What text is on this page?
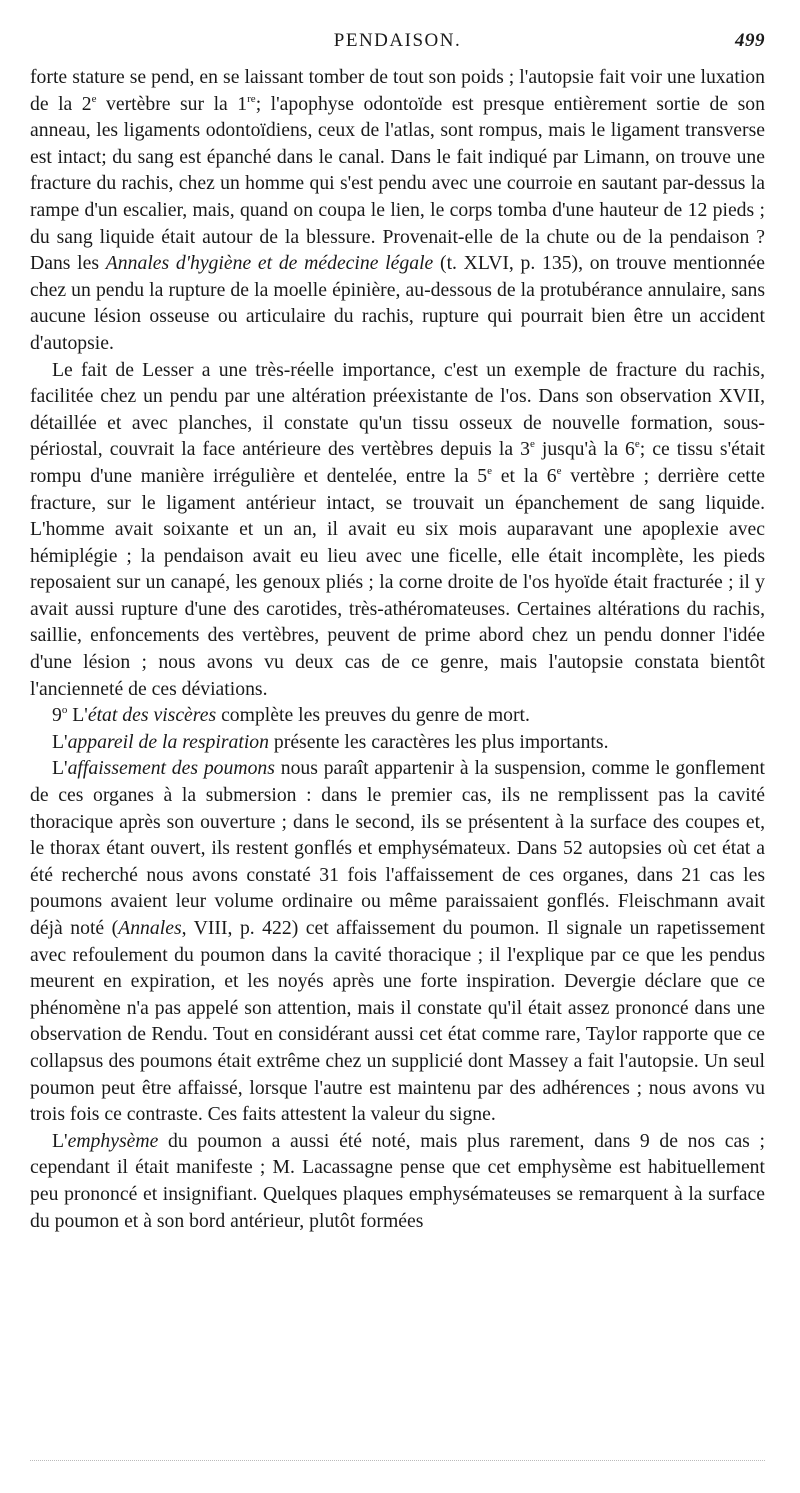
PENDAISON.	499

forte stature se pend, en se laissant tomber de tout son poids ; l'autopsie fait voir une luxation de la 2e vertèbre sur la 1re; l'apophyse odontoïde est presque entièrement sortie de son anneau, les ligaments odontoïdiens, ceux de l'atlas, sont rompus, mais le ligament transverse est intact; du sang est épanché dans le canal. Dans le fait indiqué par Limann, on trouve une fracture du rachis, chez un homme qui s'est pendu avec une courroie en sautant par-dessus la rampe d'un escalier, mais, quand on coupa le lien, le corps tomba d'une hauteur de 12 pieds ; du sang liquide était autour de la blessure. Provenait-elle de la chute ou de la pendaison ? Dans les Annales d'hygiène et de médecine légale (t. XLVI, p. 135), on trouve mentionnée chez un pendu la rupture de la moelle épinière, au-dessous de la protubérance annulaire, sans aucune lésion osseuse ou articulaire du rachis, rupture qui pourrait bien être un accident d'autopsie.

Le fait de Lesser a une très-réelle importance, c'est un exemple de fracture du rachis, facilitée chez un pendu par une altération préexistante de l'os. Dans son observation XVII, détaillée et avec planches, il constate qu'un tissu osseux de nouvelle formation, sous-périostal, couvrait la face antérieure des vertèbres depuis la 3e jusqu'à la 6e; ce tissu s'était rompu d'une manière irrégulière et dentelée, entre la 5e et la 6e vertèbre ; derrière cette fracture, sur le ligament antérieur intact, se trouvait un épanchement de sang liquide. L'homme avait soixante et un an, il avait eu six mois auparavant une apoplexie avec hémiplégie ; la pendaison avait eu lieu avec une ficelle, elle était incomplète, les pieds reposaient sur un canapé, les genoux pliés ; la corne droite de l'os hyoïde était fracturée ; il y avait aussi rupture d'une des carotides, très-athéromateuses. Certaines altérations du rachis, saillie, enfoncements des vertèbres, peuvent de prime abord chez un pendu donner l'idée d'une lésion ; nous avons vu deux cas de ce genre, mais l'autopsie constata bientôt l'ancienneté de ces déviations.

9$^o$ L'état des viscères complète les preuves du genre de mort.

L'appareil de la respiration présente les caractères les plus importants.

L'affaissement des poumons nous paraît appartenir à la suspension, comme le gonflement de ces organes à la submersion : dans le premier cas, ils ne remplissent pas la cavité thoracique après son ouverture ; dans le second, ils se présentent à la surface des coupes et, le thorax étant ouvert, ils restent gonflés et emphysémateux. Dans 52 autopsies où cet état a été recherché nous avons constaté 31 fois l'affaissement de ces organes, dans 21 cas les poumons avaient leur volume ordinaire ou même paraissaient gonflés. Fleischmann avait déjà noté (Annales, VIII, p. 422) cet affaissement du poumon. Il signale un rapetissement avec refoulement du poumon dans la cavité thoracique ; il l'explique par ce que les pendus meurent en expiration, et les noyés après une forte inspiration. Devergie déclare que ce phénomène n'a pas appelé son attention, mais il constate qu'il était assez prononcé dans une observation de Rendu. Tout en considérant aussi cet état comme rare, Taylor rapporte que ce collapsus des poumons était extrême chez un supplicié dont Massey a fait l'autopsie. Un seul poumon peut être affaissé, lorsque l'autre est maintenu par des adhérences ; nous avons vu trois fois ce contraste. Ces faits attestent la valeur du signe.

L'emphysème du poumon a aussi été noté, mais plus rarement, dans 9 de nos cas ; cependant il était manifeste ; M. Lacassagne pense que cet emphysème est habituellement peu prononcé et insignifiant. Quelques plaques emphysémateuses se remarquent à la surface du poumon et à son bord antérieur, plutôt formées
